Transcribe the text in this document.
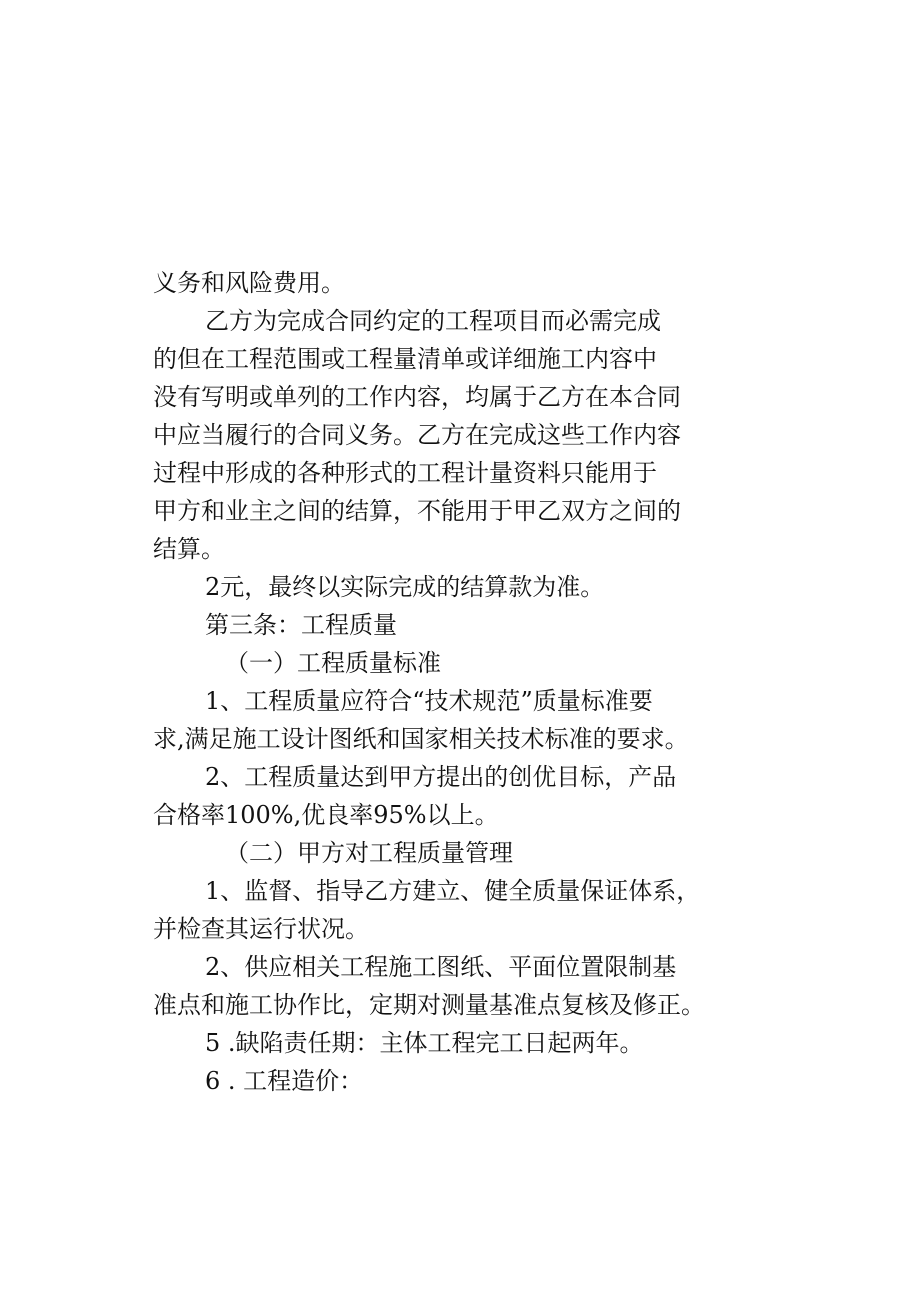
义务和风险费用。
乙方为完成合同约定的工程项目而必需完成
的但在工程范围或工程量清单或详细施工内容中
没有写明或单列的工作内容，均属于乙方在本合同
中应当履行的合同义务。乙方在完成这些工作内容
过程中形成的各种形式的工程计量资料只能用于
甲方和业主之间的结算，不能用于甲乙双方之间的
结算。
2元，最终以实际完成的结算款为准。
第三条：工程质量
（一）工程质量标准
1、工程质量应符合“技术规范”质量标准要
求,满足施工设计图纸和国家相关技术标准的要求。
2、工程质量达到甲方提出的创优目标，产品
合格率100%,优良率95%以上。
（二）甲方对工程质量管理
1、监督、指导乙方建立、健全质量保证体系，
并检查其运行状况。
2、供应相关工程施工图纸、平面位置限制基
准点和施工协作比，定期对测量基准点复核及修正。
5 .缺陷责任期：主体工程完工日起两年。
6 . 工程造价：
